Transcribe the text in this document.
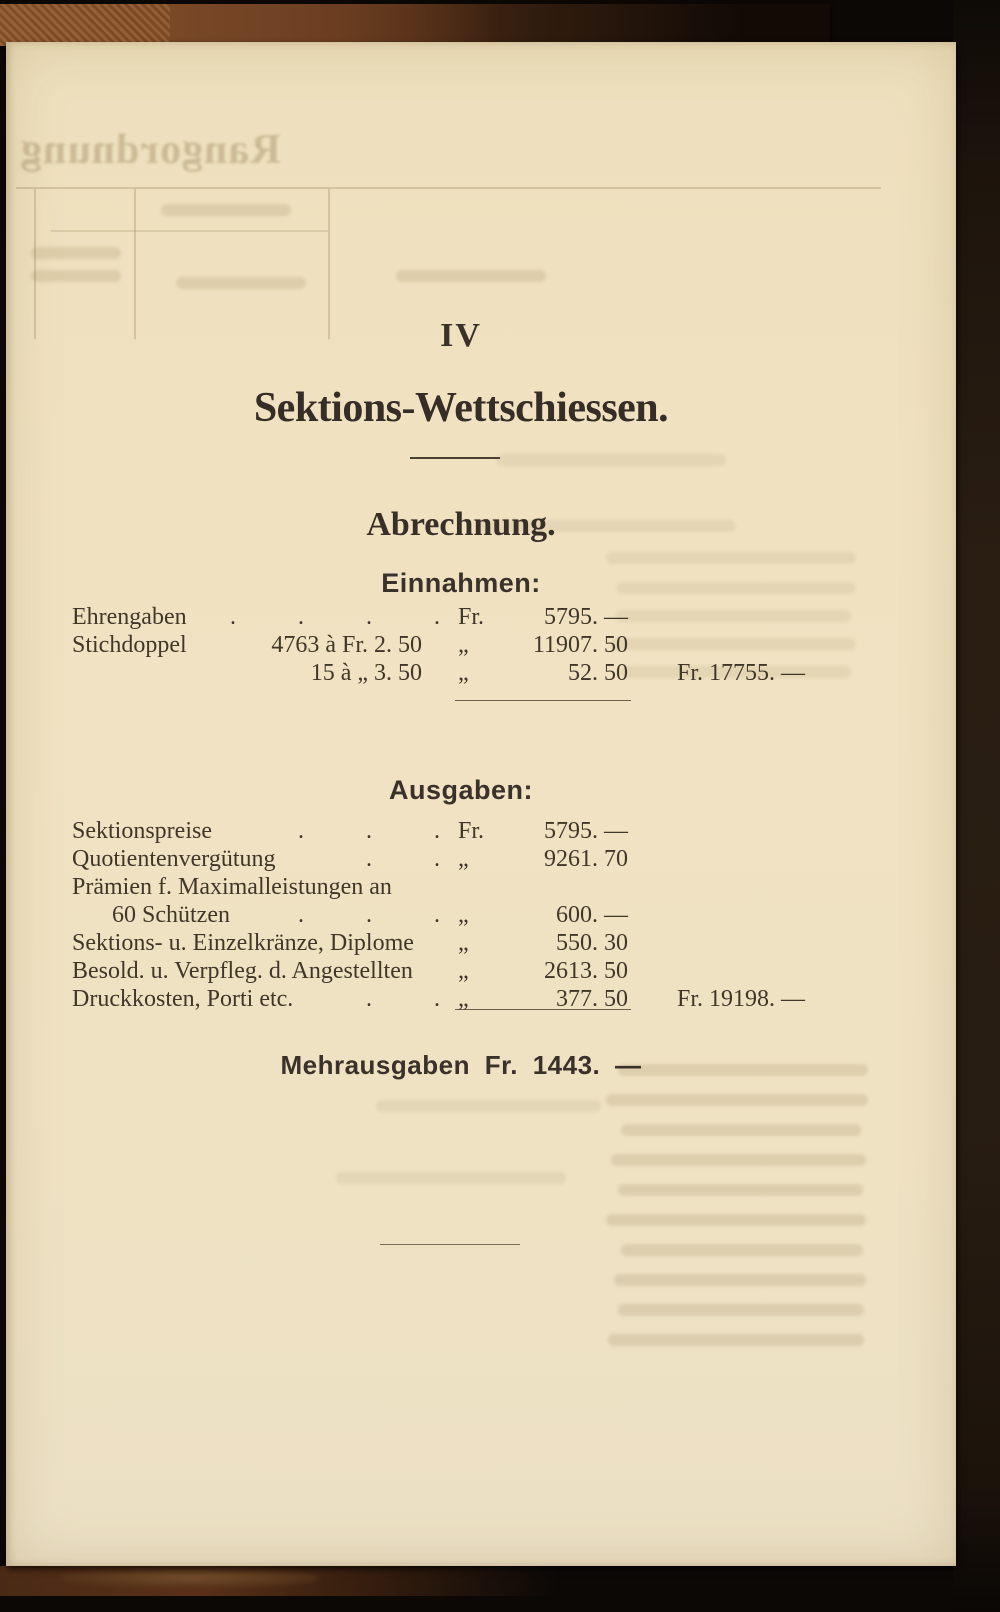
Rangordnung
IV
Sektions-Wettschiessen.
Abrechnung.
Einnahmen:
Ehrengaben . . . . Fr.	5795. —
Stichdoppel	4763 à Fr. 2. 50 „	11907. 50
15 à „ 3. 50 „	52. 50 Fr. 17755. —
Ausgaben:
Sektionspreise	. . . Fr.	5795. —
Quotientenvergütung	. . „	9261. 70
Prämien f. Maximalleistungen an
60 Schützen	. . . „	600. —
Sektions- u. Einzelkränze, Diplome „	550. 30
Besold. u. Verpfleg. d. Angestellten „	2613. 50
Druckkosten, Porti etc.	. . „	377. 50 Fr. 19198. —
Mehrausgaben Fr. 1443. —
